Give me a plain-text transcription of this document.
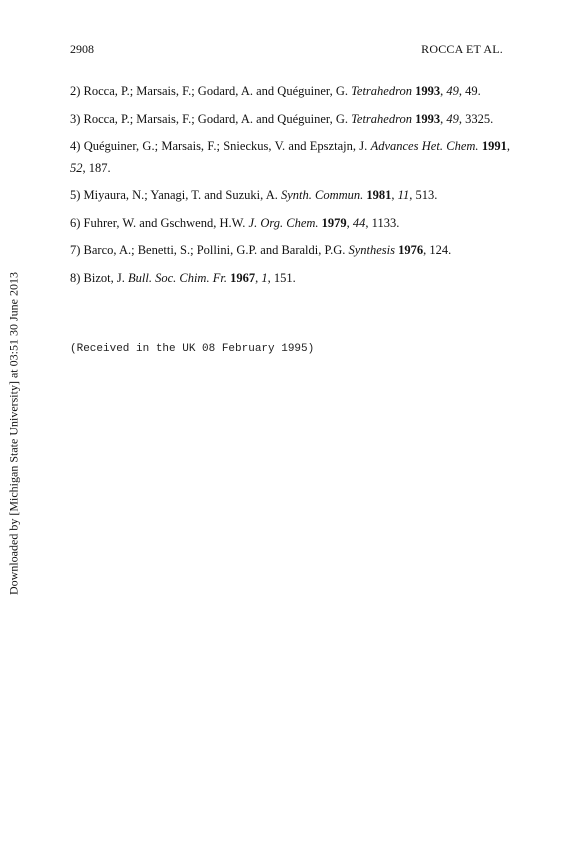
2908	ROCCA ET AL.
2) Rocca, P.; Marsais, F.; Godard, A. and Quéguiner, G. Tetrahedron 1993, 49, 49.
3) Rocca, P.; Marsais, F.; Godard, A. and Quéguiner, G. Tetrahedron 1993, 49, 3325.
4) Quéguiner, G.; Marsais, F.; Snieckus, V. and Epsztajn, J. Advances Het. Chem. 1991, 52, 187.
5) Miyaura, N.; Yanagi, T. and Suzuki, A. Synth. Commun. 1981, 11, 513.
6) Fuhrer, W. and Gschwend, H.W. J. Org. Chem. 1979, 44, 1133.
7) Barco, A.; Benetti, S.; Pollini, G.P. and Baraldi, P.G. Synthesis 1976, 124.
8) Bizot, J. Bull. Soc. Chim. Fr. 1967, 1, 151.
(Received in the UK 08 February 1995)
Downloaded by [Michigan State University] at 03:51 30 June 2013
